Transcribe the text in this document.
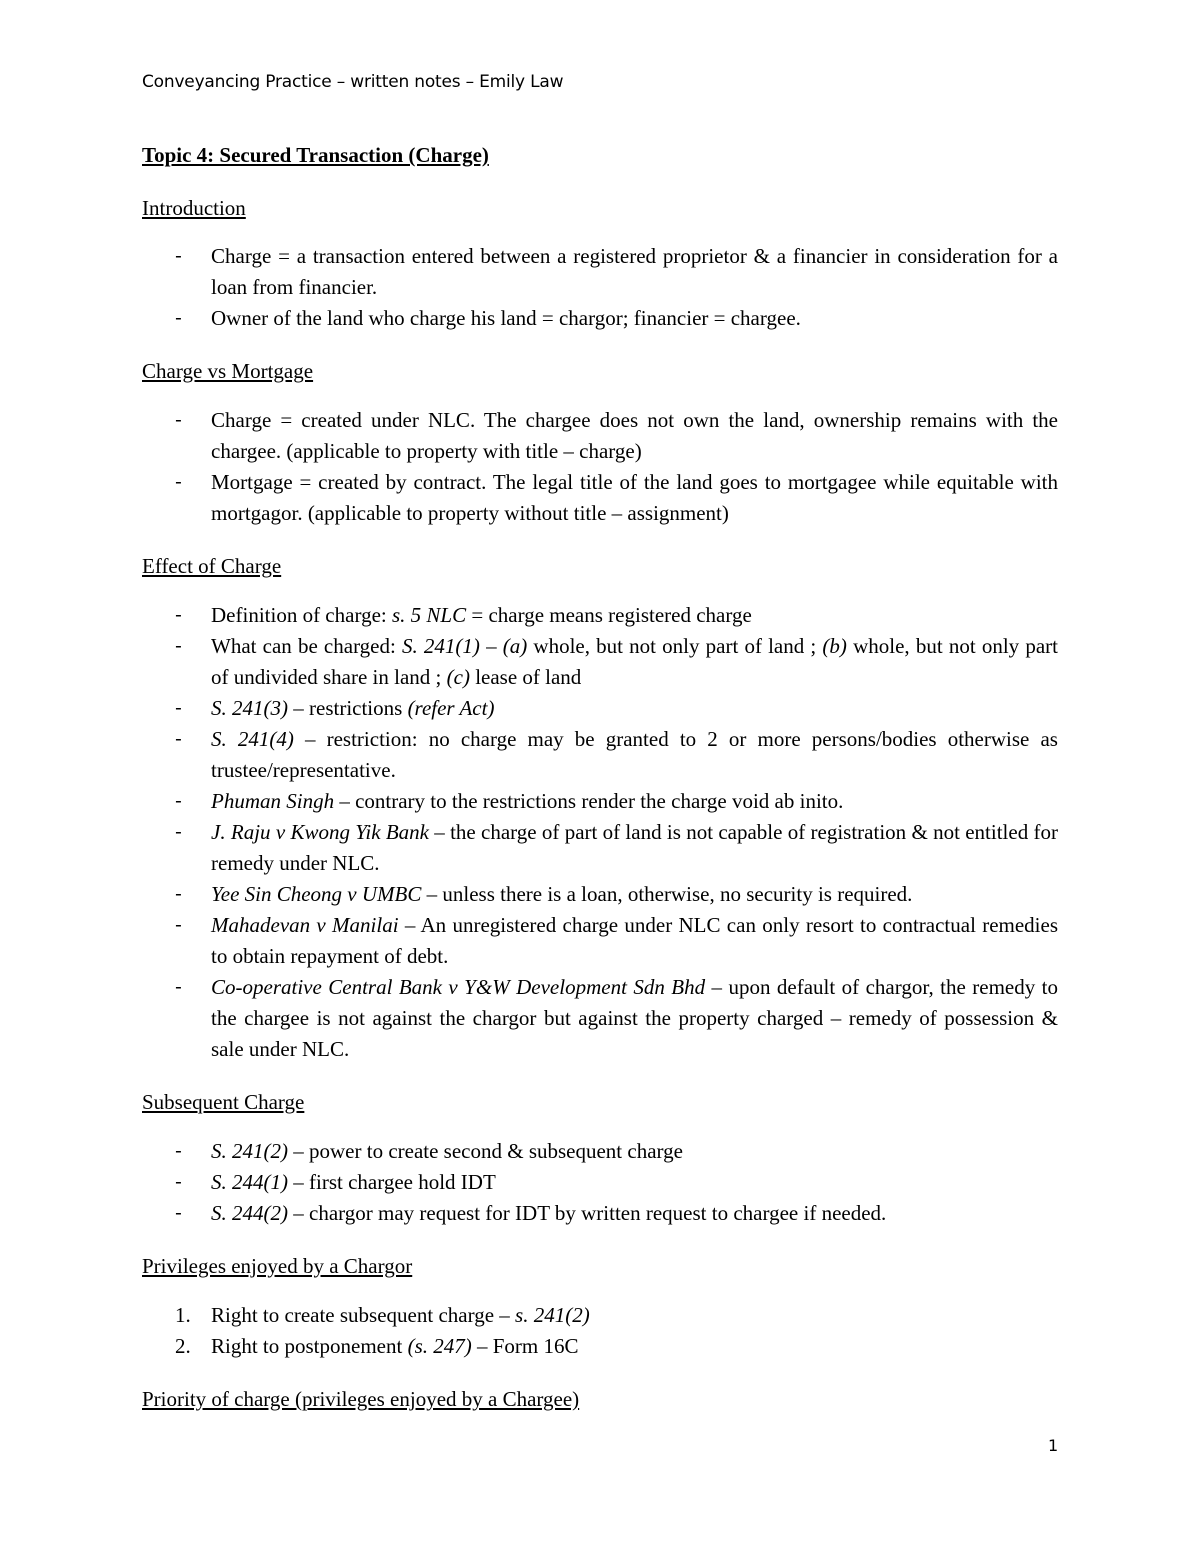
Conveyancing Practice – written notes – Emily Law
Topic 4: Secured Transaction (Charge)
Introduction
- Charge = a transaction entered between a registered proprietor & a financier in consideration for a loan from financier.
- Owner of the land who charge his land = chargor; financier = chargee.
Charge vs Mortgage
- Charge = created under NLC. The chargee does not own the land, ownership remains with the chargee. (applicable to property with title – charge)
- Mortgage = created by contract. The legal title of the land goes to mortgagee while equitable with mortgagor. (applicable to property without title – assignment)
Effect of Charge
- Definition of charge: s. 5 NLC = charge means registered charge
- What can be charged: S. 241(1) – (a) whole, but not only part of land ; (b) whole, but not only part of undivided share in land ; (c) lease of land
- S. 241(3) – restrictions (refer Act)
- S. 241(4) – restriction: no charge may be granted to 2 or more persons/bodies otherwise as trustee/representative.
- Phuman Singh – contrary to the restrictions render the charge void ab inito.
- J. Raju v Kwong Yik Bank – the charge of part of land is not capable of registration & not entitled for remedy under NLC.
- Yee Sin Cheong v UMBC – unless there is a loan, otherwise, no security is required.
- Mahadevan v Manilai – An unregistered charge under NLC can only resort to contractual remedies to obtain repayment of debt.
- Co-operative Central Bank v Y&W Development Sdn Bhd – upon default of chargor, the remedy to the chargee is not against the chargor but against the property charged – remedy of possession & sale under NLC.
Subsequent Charge
- S. 241(2) – power to create second & subsequent charge
- S. 244(1) – first chargee hold IDT
- S. 244(2) – chargor may request for IDT by written request to chargee if needed.
Privileges enjoyed by a Chargor
1. Right to create subsequent charge – s. 241(2)
2. Right to postponement (s. 247) – Form 16C
Priority of charge (privileges enjoyed by a Chargee)
1
